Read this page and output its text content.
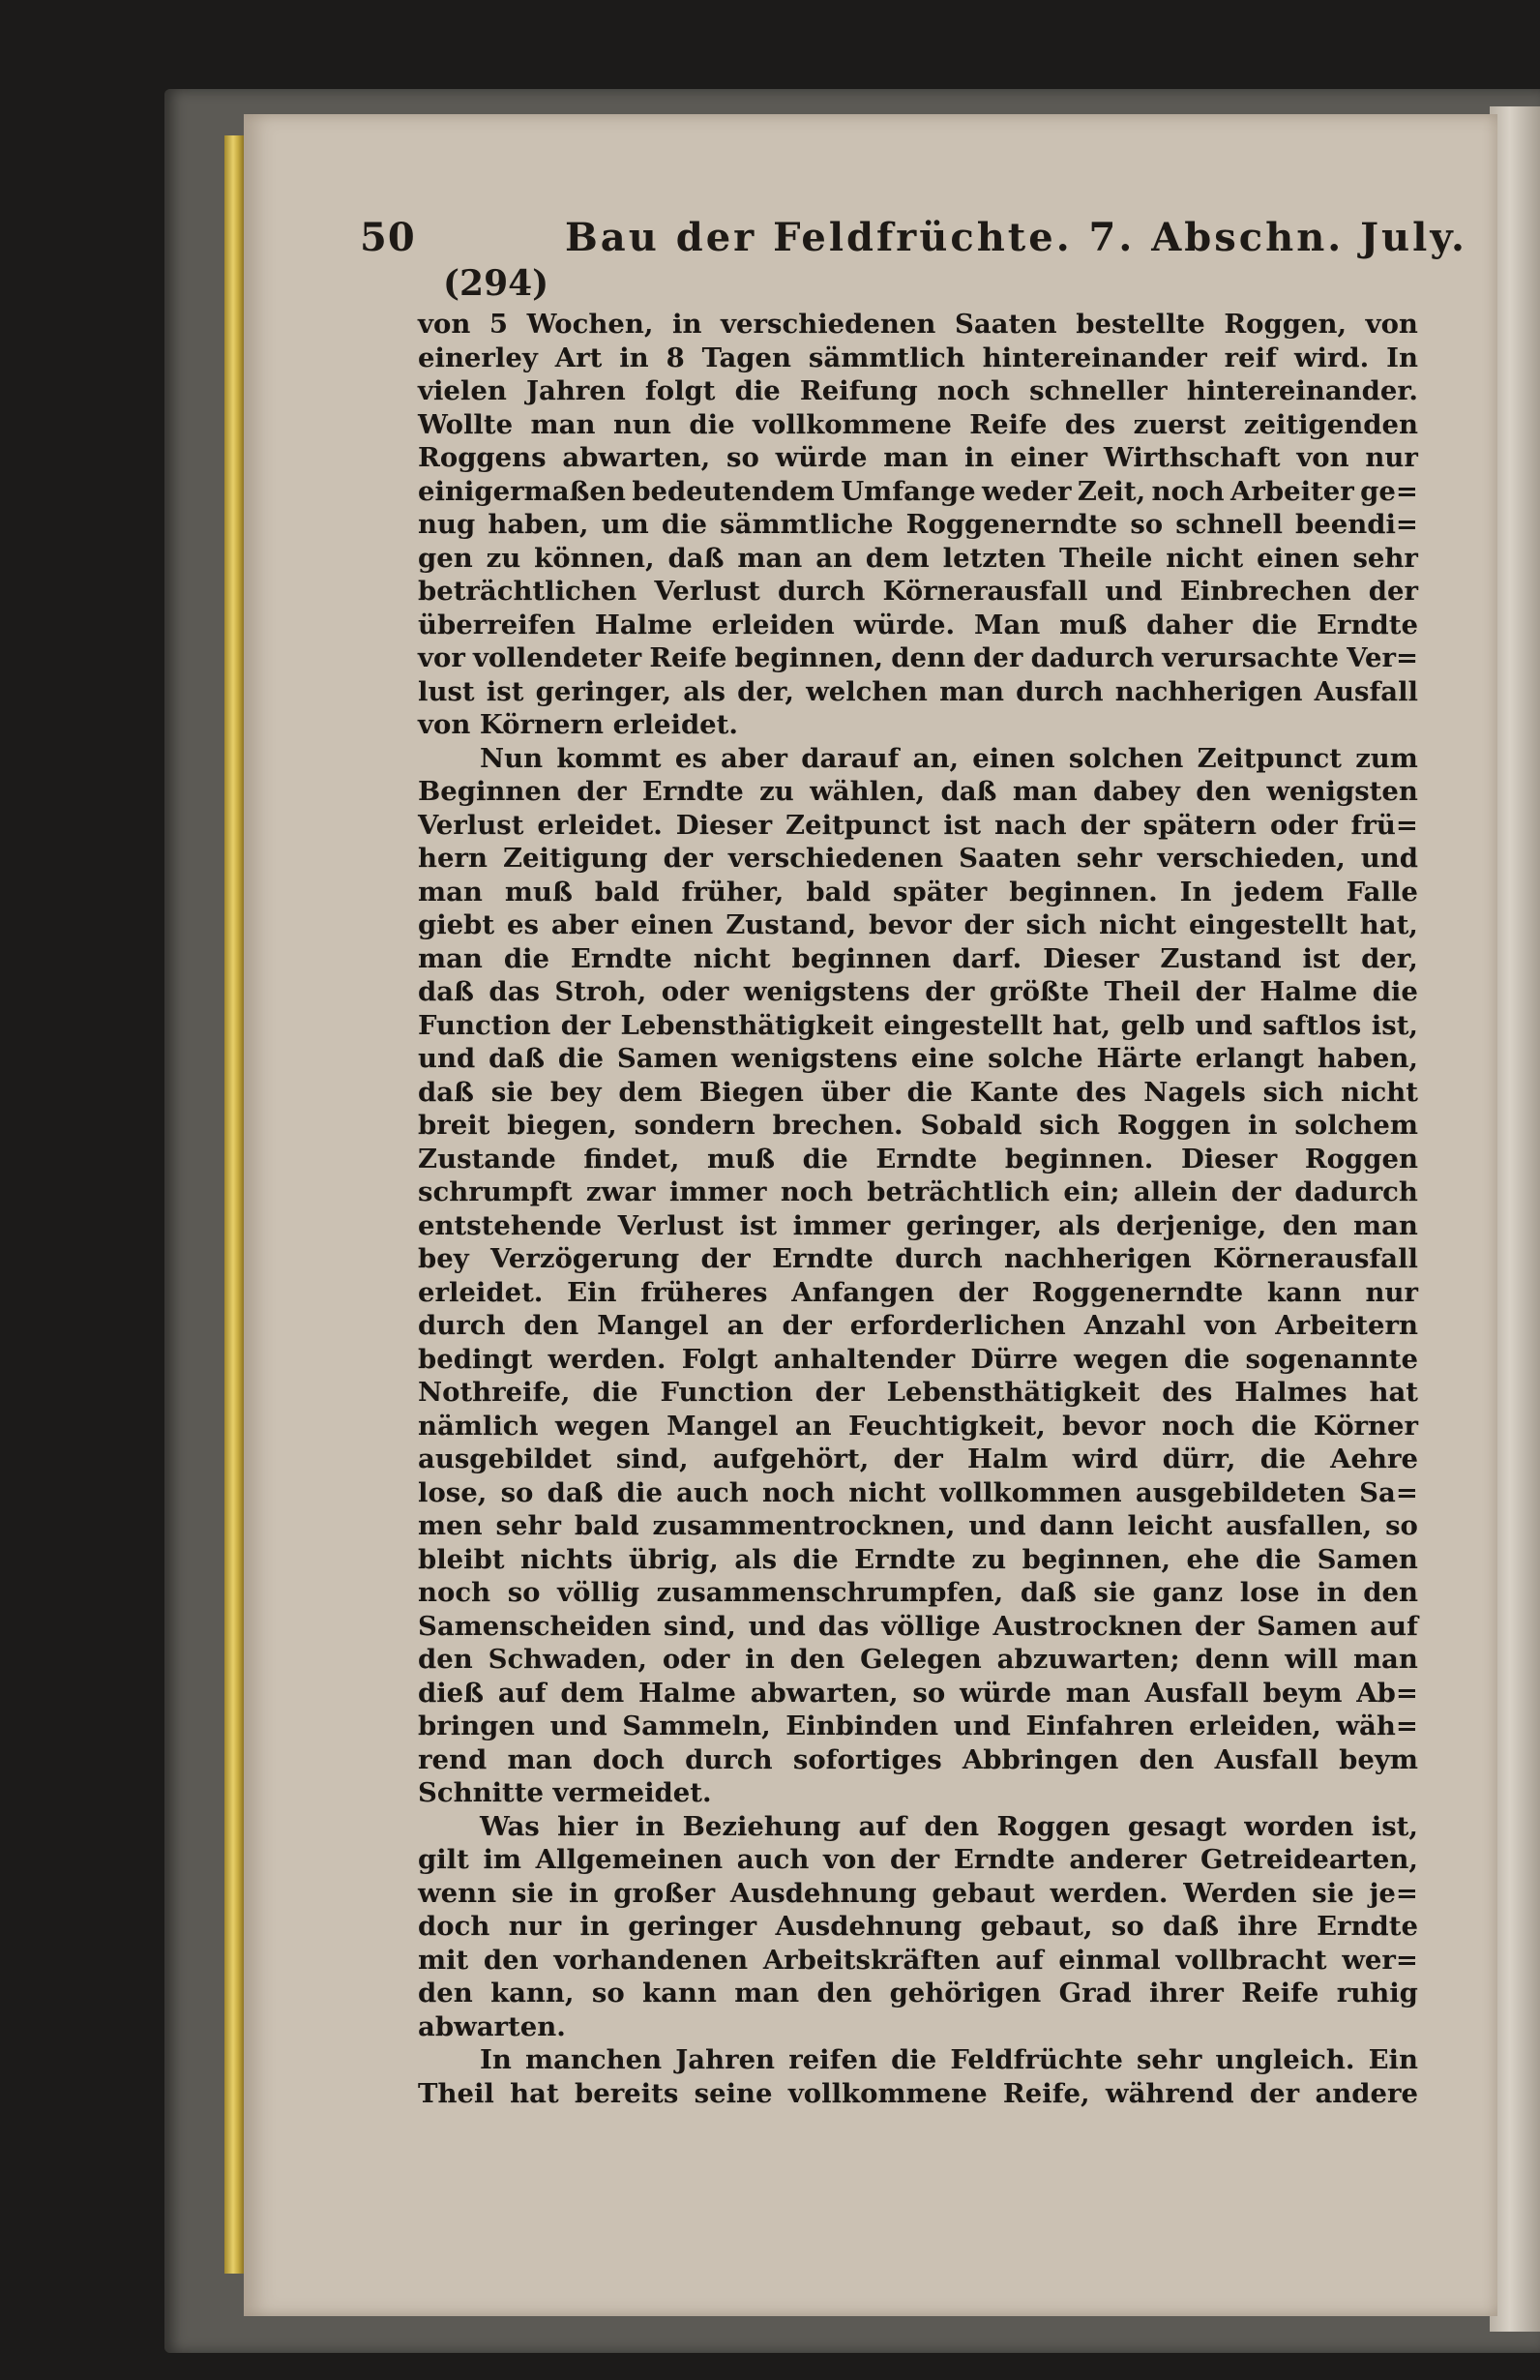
50	Bau der Feldfrüchte. 7. Abschn. July.
(294)
von 5 Wochen, in verschiedenen Saaten bestellte Roggen, von
einerley Art in 8 Tagen sämmtlich hintereinander reif wird. In
vielen Jahren folgt die Reifung noch schneller hintereinander.
Wollte man nun die vollkommene Reife des zuerst zeitigenden
Roggens abwarten, so würde man in einer Wirthschaft von nur
einigermaßen bedeutendem Umfange weder Zeit, noch Arbeiter ge=
nug haben, um die sämmtliche Roggenerndte so schnell beendi=
gen zu können, daß man an dem letzten Theile nicht einen sehr
beträchtlichen Verlust durch Körnerausfall und Einbrechen der
überreifen Halme erleiden würde. Man muß daher die Erndte
vor vollendeter Reife beginnen, denn der dadurch verursachte Ver=
lust ist geringer, als der, welchen man durch nachherigen Ausfall
von Körnern erleidet.
Nun kommt es aber darauf an, einen solchen Zeitpunct zum
Beginnen der Erndte zu wählen, daß man dabey den wenigsten
Verlust erleidet. Dieser Zeitpunct ist nach der spätern oder frü=
hern Zeitigung der verschiedenen Saaten sehr verschieden, und
man muß bald früher, bald später beginnen. In jedem Falle
giebt es aber einen Zustand, bevor der sich nicht eingestellt hat,
man die Erndte nicht beginnen darf. Dieser Zustand ist der,
daß das Stroh, oder wenigstens der größte Theil der Halme die
Function der Lebensthätigkeit eingestellt hat, gelb und saftlos ist,
und daß die Samen wenigstens eine solche Härte erlangt haben,
daß sie bey dem Biegen über die Kante des Nagels sich nicht
breit biegen, sondern brechen. Sobald sich Roggen in solchem
Zustande findet, muß die Erndte beginnen. Dieser Roggen
schrumpft zwar immer noch beträchtlich ein; allein der dadurch
entstehende Verlust ist immer geringer, als derjenige, den man
bey Verzögerung der Erndte durch nachherigen Körnerausfall
erleidet. Ein früheres Anfangen der Roggenerndte kann nur
durch den Mangel an der erforderlichen Anzahl von Arbeitern
bedingt werden. Folgt anhaltender Dürre wegen die sogenannte
Nothreife, die Function der Lebensthätigkeit des Halmes hat
nämlich wegen Mangel an Feuchtigkeit, bevor noch die Körner
ausgebildet sind, aufgehört, der Halm wird dürr, die Aehre
lose, so daß die auch noch nicht vollkommen ausgebildeten Sa=
men sehr bald zusammentrocknen, und dann leicht ausfallen, so
bleibt nichts übrig, als die Erndte zu beginnen, ehe die Samen
noch so völlig zusammenschrumpfen, daß sie ganz lose in den
Samenscheiden sind, und das völlige Austrocknen der Samen auf
den Schwaden, oder in den Gelegen abzuwarten; denn will man
dieß auf dem Halme abwarten, so würde man Ausfall beym Ab=
bringen und Sammeln, Einbinden und Einfahren erleiden, wäh=
rend man doch durch sofortiges Abbringen den Ausfall beym
Schnitte vermeidet.
Was hier in Beziehung auf den Roggen gesagt worden ist,
gilt im Allgemeinen auch von der Erndte anderer Getreidearten,
wenn sie in großer Ausdehnung gebaut werden. Werden sie je=
doch nur in geringer Ausdehnung gebaut, so daß ihre Erndte
mit den vorhandenen Arbeitskräften auf einmal vollbracht wer=
den kann, so kann man den gehörigen Grad ihrer Reife ruhig
abwarten.
In manchen Jahren reifen die Feldfrüchte sehr ungleich. Ein
Theil hat bereits seine vollkommene Reife, während der andere
